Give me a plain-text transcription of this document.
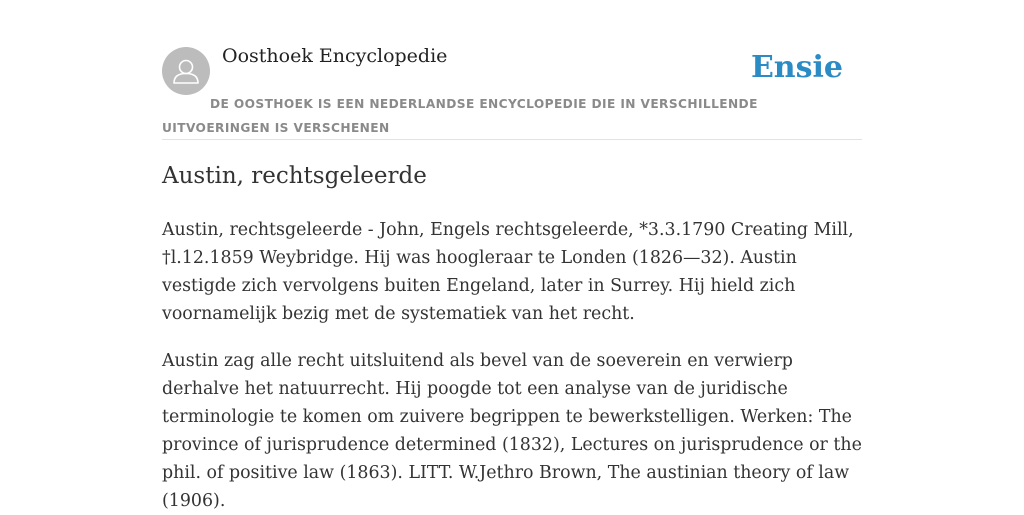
Oosthoek Encyclopedie	Ensie
DE OOSTHOEK IS EEN NEDERLANDSE ENCYCLOPEDIE DIE IN VERSCHILLENDE UITVOERINGEN IS VERSCHENEN
Austin, rechtsgeleerde

Austin, rechtsgeleerde - John, Engels rechtsgeleerde, *3.3.1790 Creating Mill, †l.12.1859 Weybridge. Hij was hoogleraar te Londen (1826—32). Austin vestigde zich vervolgens buiten Engeland, later in Surrey. Hij hield zich voornamelijk bezig met de systematiek van het recht.

Austin zag alle recht uitsluitend als bevel van de soeverein en verwierp derhalve het natuurrecht. Hij poogde tot een analyse van de juridische terminologie te komen om zuivere begrippen te bewerkstelligen. Werken: The province of jurisprudence determined (1832), Lectures on jurisprudence or the phil. of positive law (1863). LITT. W.Jethro Brown, The austinian theory of law (1906).
